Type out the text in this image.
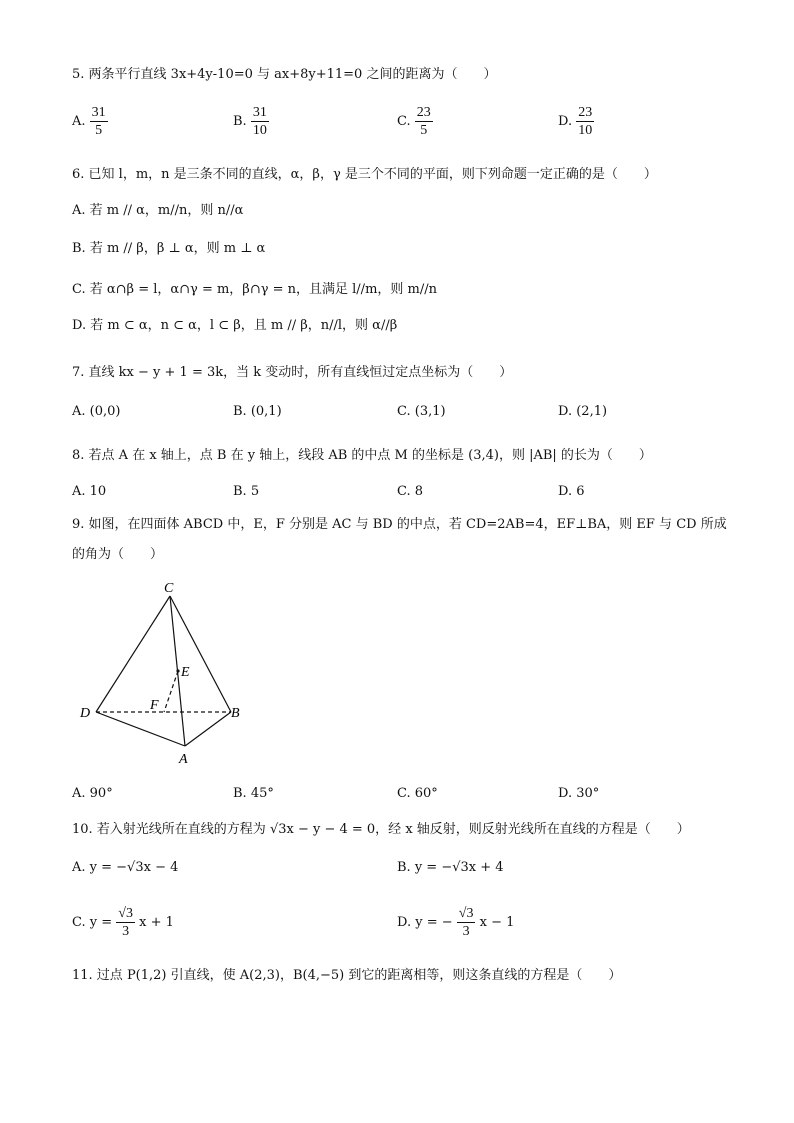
5. 两条平行直线 3x+4y-10=0 与 ax+8y+11=0 之间的距离为（　　）
A. $\frac{31}{5}$	B. $\frac{31}{10}$	C. $\frac{23}{5}$	D. $\frac{23}{10}$
6. 已知 l，m，n 是三条不同的直线，α，β，γ 是三个不同的平面，则下列命题一定正确的是（　　）
A. 若 m // α，m//n，则 n//α
B. 若 m // β，β ⊥ α，则 m ⊥ α
C. 若 α∩β = l，α∩γ = m，β∩γ = n，且满足 l//m，则 m//n
D. 若 m ⊂ α，n ⊂ α，l ⊂ β，且 m // β，n//l，则 α//β
7. 直线 kx − y + 1 = 3k，当 k 变动时，所有直线恒过定点坐标为（　　）
A. (0,0)	B. (0,1)	C. (3,1)	D. (2,1)
8. 若点 A 在 x 轴上，点 B 在 y 轴上，线段 AB 的中点 M 的坐标是 (3,4)，则 |AB| 的长为（　　）
A. 10	B. 5	C. 8	D. 6
9. 如图，在四面体 ABCD 中，E，F 分别是 AC 与 BD 的中点，若 CD=2AB=4，EF⊥BA，则 EF 与 CD 所成的角为（　　）
C
E
F
D	B
A
A. 90°	B. 45°	C. 60°	D. 30°
10. 若入射光线所在直线的方程为 √3x − y − 4 = 0，经 x 轴反射，则反射光线所在直线的方程是（　　）
A. y = −√3x − 4	B. y = −√3x + 4
C. $y = \frac{√3}{3}$ x + 1	D. y = − $\frac{√3}{3}$ x − 1
11. 过点 P(1,2) 引直线，使 A(2,3)，B(4,−5) 到它的距离相等，则这条直线的方程是（　　）
